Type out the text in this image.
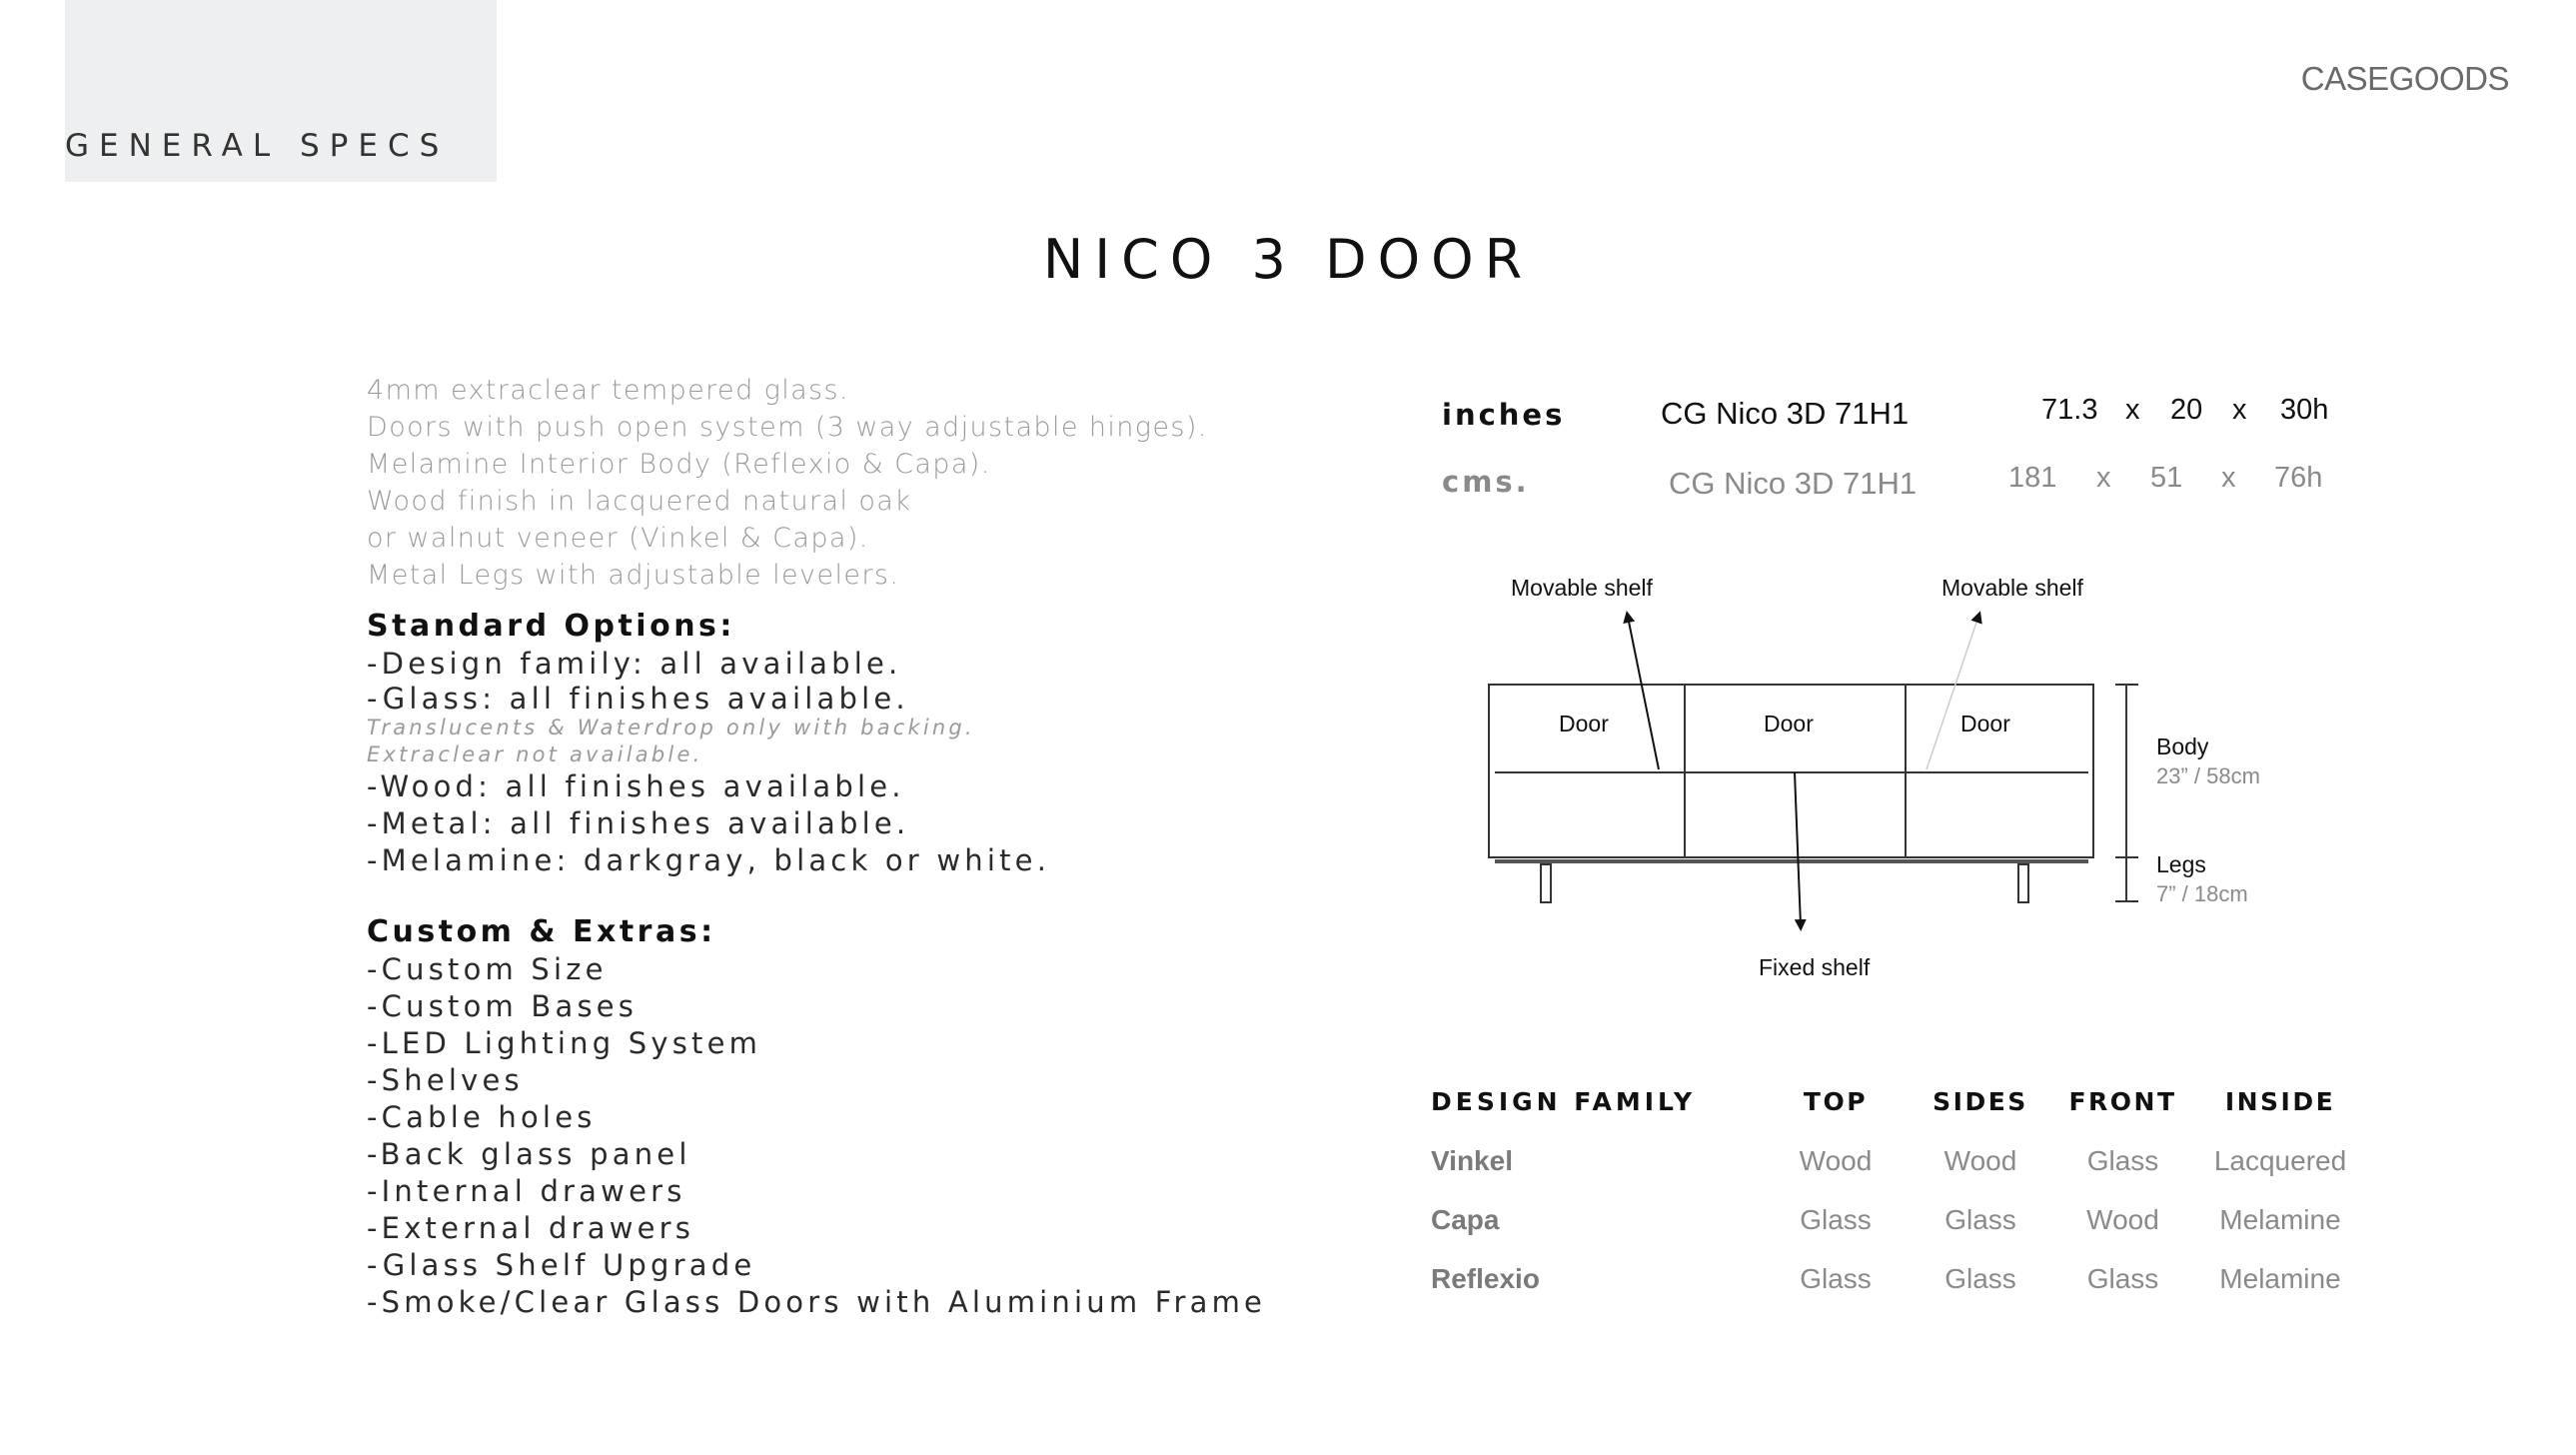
GENERAL SPECS
CASEGOODS
NICO 3 DOOR
4mm extraclear tempered glass.
Doors with push open system (3 way adjustable hinges).
Melamine Interior Body (Reflexio & Capa).
Wood finish in lacquered natural oak
or walnut veneer (Vinkel & Capa).
Metal Legs with adjustable levelers.
Standard Options:
-Design family: all available.
-Glass: all finishes available.
Translucents & Waterdrop only with backing.
Extraclear not available.
-Wood: all finishes available.
-Metal: all finishes available.
-Melamine: darkgray, black or white.
Custom & Extras:
-Custom Size
-Custom Bases
-LED Lighting System
-Shelves
-Cable holes
-Back glass panel
-Internal drawers
-External drawers
-Glass Shelf Upgrade
-Smoke/Clear Glass Doors with Aluminium Frame
inches	CG Nico 3D 71H1	71.3 x 20 x 30h
cms.	CG Nico 3D 71H1	181 x 51 x 76h
Movable shelf	Movable shelf
Door	Door	Door
Fixed shelf
Body
23” / 58cm
Legs
7” / 18cm
DESIGN FAMILY	TOP	SIDES	FRONT	INSIDE
Vinkel	Wood	Wood	Glass	Lacquered
Capa	Glass	Glass	Wood	Melamine
Reflexio	Glass	Glass	Glass	Melamine
